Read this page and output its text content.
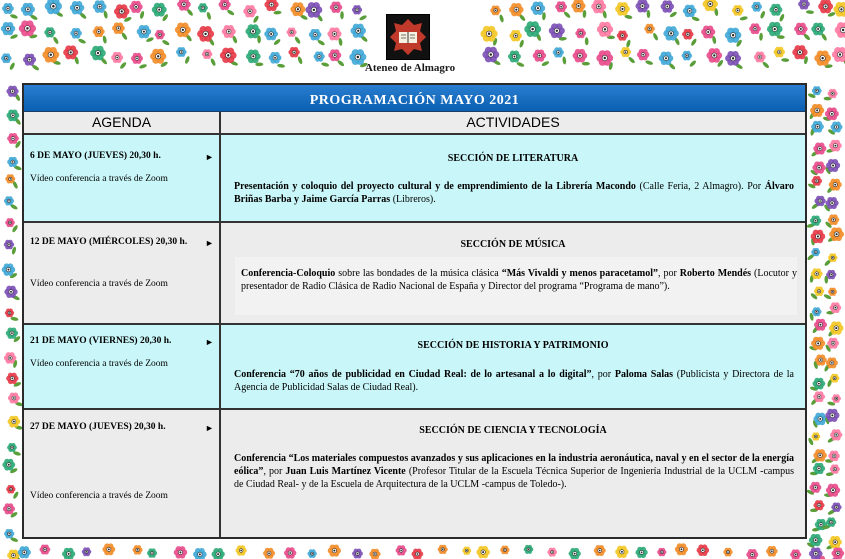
Ateneo de Almagro
PROGRAMACIÓN MAYO 2021
AGENDA	ACTIVIDADES
6 DE MAYO (JUEVES) 20,30 h.	►
Vídeo conferencia a través de Zoom
SECCIÓN DE LITERATURA
Presentación y coloquio del proyecto cultural y de emprendimiento de la Librería Macondo (Calle Feria, 2 Almagro). Por Álvaro Briñas Barba y Jaime García Parras (Libreros).
12 DE MAYO (MIÉRCOLES) 20,30 h. ►
Vídeo conferencia a través de Zoom
SECCIÓN DE MÚSICA
Conferencia-Coloquio sobre las bondades de la música clásica “Más Vivaldi y menos paracetamol”, por Roberto Mendés (Locutor y presentador de Radio Clásica de Radio Nacional de España y Director del programa “Programa de mano”).
21 DE MAYO (VIERNES) 20,30 h.	►
Vídeo conferencia a través de Zoom
SECCIÓN DE HISTORIA Y PATRIMONIO
Conferencia “70 años de publicidad en Ciudad Real: de lo artesanal a lo digital”, por Paloma Salas (Publicista y Directora de la Agencia de Publicidad Salas de Ciudad Real).
27 DE MAYO (JUEVES) 20,30 h.	►
Vídeo conferencia a través de Zoom
SECCIÓN DE CIENCIA Y TECNOLOGÍA
Conferencia “Los materiales compuestos avanzados y sus aplicaciones en la industria aeronáutica, naval y en el sector de la energía eólica”, por Juan Luis Martínez Vicente (Profesor Titular de la Escuela Técnica Superior de Ingeniería Industrial de la UCLM -campus de Ciudad Real- y de la Escuela de Arquitectura de la UCLM -campus de Toledo-).
